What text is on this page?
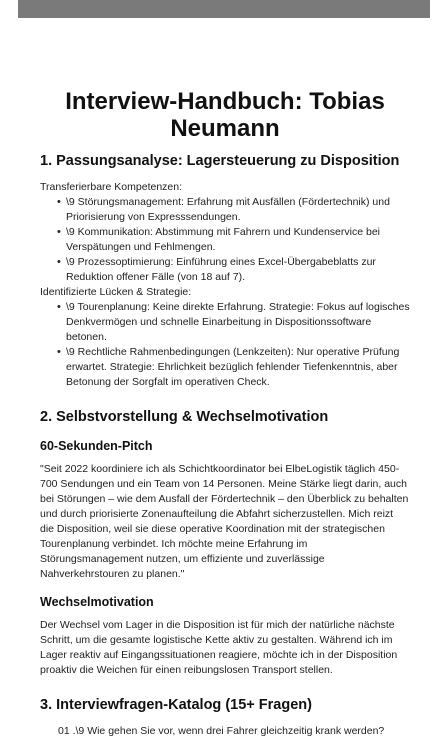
Interview-Handbuch: Tobias Neumann
1. Passungsanalyse: Lagersteuerung zu Disposition

Transferierbare Kompetenzen:

• \9 Störungsmanagement: Erfahrung mit Ausfällen (Fördertechnik) und Priorisierung von Expresssendungen.
• \9 Kommunikation: Abstimmung mit Fahrern und Kundenservice bei Verspätungen und Fehlmengen.
• \9 Prozessoptimierung: Einführung eines Excel-Übergabeblatts zur Reduktion offener Fälle (von 18 auf 7).

Identifizierte Lücken & Strategie:

• \9 Tourenplanung: Keine direkte Erfahrung. Strategie: Fokus auf logisches Denkvermögen und schnelle Einarbeitung in Dispositionssoftware betonen.
• \9 Rechtliche Rahmenbedingungen (Lenkzeiten): Nur operative Prüfung erwartet. Strategie: Ehrlichkeit bezüglich fehlender Tiefenkenntnis, aber Betonung der Sorgfalt im operativen Check.
2. Selbstvorstellung & Wechselmotivation
60-Sekunden-Pitch

"Seit 2022 koordiniere ich als Schichtkoordinator bei ElbeLogistik täglich 450-700 Sendungen und ein Team von 14 Personen. Meine Stärke liegt darin, auch bei Störungen – wie dem Ausfall der Fördertechnik – den Überblick zu behalten und durch priorisierte Zonenaufteilung die Abfahrt sicherzustellen. Mich reizt die Disposition, weil sie diese operative Koordination mit der strategischen Tourenplanung verbindet. Ich möchte meine Erfahrung im Störungsmanagement nutzen, um effiziente und zuverlässige Nahverkehrstouren zu planen."

Wechselmotivation

Der Wechsel vom Lager in die Disposition ist für mich der natürliche nächste Schritt, um die gesamte logistische Kette aktiv zu gestalten. Während ich im Lager reaktiv auf Eingangssituationen reagiere, möchte ich in der Disposition proaktiv die Weichen für einen reibungslosen Transport stellen.

3. Interviewfragen-Katalog (15+ Fragen)

01 .\9 Wie gehen Sie vor, wenn drei Fahrer gleichzeitig krank werden?
